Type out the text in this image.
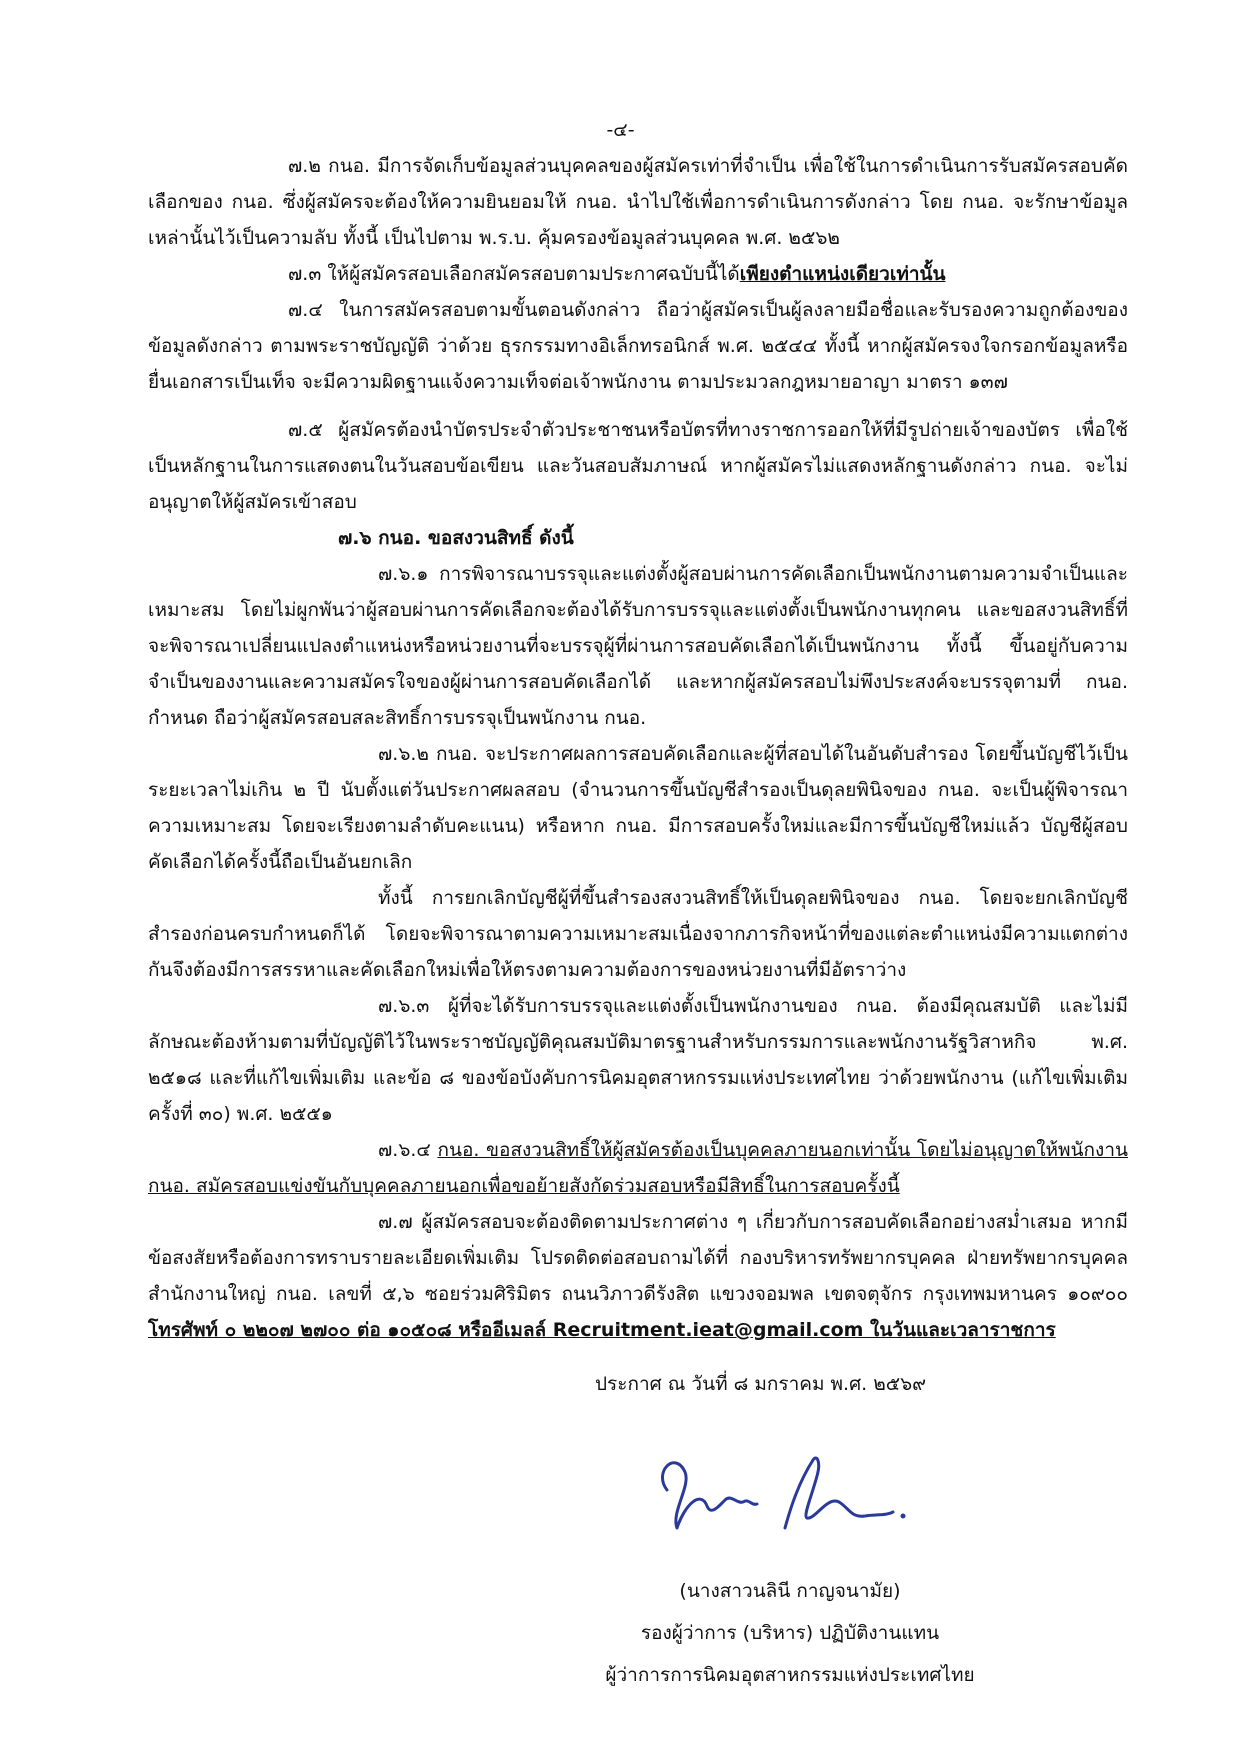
-๔-

๗.๒ กนอ. มีการจัดเก็บข้อมูลส่วนบุคคลของผู้สมัครเท่าที่จำเป็น เพื่อใช้ในการดำเนินการรับสมัครสอบคัดเลือกของ กนอ. ซึ่งผู้สมัครจะต้องให้ความยินยอมให้ กนอ. นำไปใช้เพื่อการดำเนินการดังกล่าว โดย กนอ. จะรักษาข้อมูลเหล่านั้นไว้เป็นความลับ ทั้งนี้ เป็นไปตาม พ.ร.บ. คุ้มครองข้อมูลส่วนบุคคล พ.ศ. ๒๕๖๒

๗.๓ ให้ผู้สมัครสอบเลือกสมัครสอบตามประกาศฉบับนี้ได้เพียงตำแหน่งเดียวเท่านั้น

๗.๔ ในการสมัครสอบตามขั้นตอนดังกล่าว ถือว่าผู้สมัครเป็นผู้ลงลายมือชื่อและรับรองความถูกต้องของข้อมูลดังกล่าว ตามพระราชบัญญัติ ว่าด้วย ธุรกรรมทางอิเล็กทรอนิกส์ พ.ศ. ๒๕๔๔ ทั้งนี้ หากผู้สมัครจงใจกรอกข้อมูลหรือยื่นเอกสารเป็นเท็จ จะมีความผิดฐานแจ้งความเท็จต่อเจ้าพนักงาน ตามประมวลกฎหมายอาญา มาตรา ๑๓๗

๗.๕ ผู้สมัครต้องนำบัตรประจำตัวประชาชนหรือบัตรที่ทางราชการออกให้ที่มีรูปถ่ายเจ้าของบัตร เพื่อใช้เป็นหลักฐานในการแสดงตนในวันสอบข้อเขียน และวันสอบสัมภาษณ์ หากผู้สมัครไม่แสดงหลักฐานดังกล่าว กนอ. จะไม่อนุญาตให้ผู้สมัครเข้าสอบ

๗.๖ กนอ. ขอสงวนสิทธิ์ ดังนี้

๗.๖.๑ การพิจารณาบรรจุและแต่งตั้งผู้สอบผ่านการคัดเลือกเป็นพนักงานตามความจำเป็นและเหมาะสม โดยไม่ผูกพันว่าผู้สอบผ่านการคัดเลือกจะต้องได้รับการบรรจุและแต่งตั้งเป็นพนักงานทุกคน และขอสงวนสิทธิ์ที่จะพิจารณาเปลี่ยนแปลงตำแหน่งหรือหน่วยงานที่จะบรรจุผู้ที่ผ่านการสอบคัดเลือกได้เป็นพนักงาน ทั้งนี้ ขึ้นอยู่กับความจำเป็นของงานและความสมัครใจของผู้ผ่านการสอบคัดเลือกได้ และหากผู้สมัครสอบไม่พึงประสงค์จะบรรจุตามที่ กนอ. กำหนด ถือว่าผู้สมัครสอบสละสิทธิ์การบรรจุเป็นพนักงาน กนอ.

๗.๖.๒ กนอ. จะประกาศผลการสอบคัดเลือกและผู้ที่สอบได้ในอันดับสำรอง โดยขึ้นบัญชีไว้เป็นระยะเวลาไม่เกิน ๒ ปี นับตั้งแต่วันประกาศผลสอบ (จำนวนการขึ้นบัญชีสำรองเป็นดุลยพินิจของ กนอ. จะเป็นผู้พิจารณาความเหมาะสม โดยจะเรียงตามลำดับคะแนน) หรือหาก กนอ. มีการสอบครั้งใหม่และมีการขึ้นบัญชีใหม่แล้ว บัญชีผู้สอบคัดเลือกได้ครั้งนี้ถือเป็นอันยกเลิก

ทั้งนี้ การยกเลิกบัญชีผู้ที่ขึ้นสำรองสงวนสิทธิ์ให้เป็นดุลยพินิจของ กนอ. โดยจะยกเลิกบัญชีสำรองก่อนครบกำหนดก็ได้ โดยจะพิจารณาตามความเหมาะสมเนื่องจากภารกิจหน้าที่ของแต่ละตำแหน่งมีความแตกต่างกันจึงต้องมีการสรรหาและคัดเลือกใหม่เพื่อให้ตรงตามความต้องการของหน่วยงานที่มีอัตราว่าง

๗.๖.๓ ผู้ที่จะได้รับการบรรจุและแต่งตั้งเป็นพนักงานของ กนอ. ต้องมีคุณสมบัติ และไม่มีลักษณะต้องห้ามตามที่บัญญัติไว้ในพระราชบัญญัติคุณสมบัติมาตรฐานสำหรับกรรมการและพนักงานรัฐวิสาหกิจ พ.ศ. ๒๕๑๘ และที่แก้ไขเพิ่มเติม และข้อ ๘ ของข้อบังคับการนิคมอุตสาหกรรมแห่งประเทศไทย ว่าด้วยพนักงาน (แก้ไขเพิ่มเติม ครั้งที่ ๓๐) พ.ศ. ๒๕๕๑

๗.๖.๔ กนอ. ขอสงวนสิทธิ์ให้ผู้สมัครต้องเป็นบุคคลภายนอกเท่านั้น โดยไม่อนุญาตให้พนักงาน กนอ. สมัครสอบแข่งขันกับบุคคลภายนอกเพื่อขอย้ายสังกัดร่วมสอบหรือมีสิทธิ์ในการสอบครั้งนี้

๗.๗ ผู้สมัครสอบจะต้องติดตามประกาศต่าง ๆ เกี่ยวกับการสอบคัดเลือกอย่างสม่ำเสมอ หากมีข้อสงสัยหรือต้องการทราบรายละเอียดเพิ่มเติม โปรดติดต่อสอบถามได้ที่ กองบริหารทรัพยากรบุคคล ฝ่ายทรัพยากรบุคคล สำนักงานใหญ่ กนอ. เลขที่ ๕,๖ ซอยร่วมศิริมิตร ถนนวิภาวดีรังสิต แขวงจอมพล เขตจตุจักร กรุงเทพมหานคร ๑๐๙๐๐ โทรศัพท์ ๐ ๒๒๐๗ ๒๗๐๐ ต่อ ๑๐๕๐๘ หรืออีเมลล์ Recruitment.ieat@gmail.com ในวันและเวลาราชการ

ประกาศ ณ วันที่ ๘ มกราคม พ.ศ. ๒๕๖๙
(นางสาวนลินี กาญจนามัย)
รองผู้ว่าการ (บริหาร) ปฏิบัติงานแทน
ผู้ว่าการการนิคมอุตสาหกรรมแห่งประเทศไทย
